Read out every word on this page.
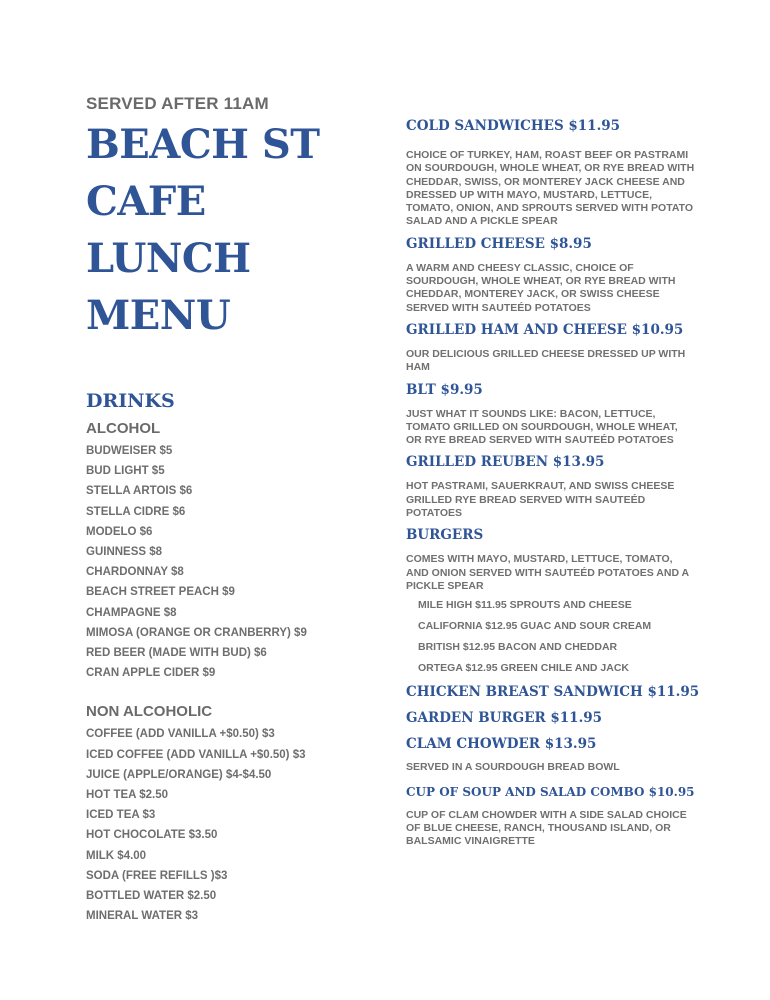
SERVED AFTER 11AM
BEACH ST
CAFE
LUNCH
MENU
DRINKS
ALCOHOL
BUDWEISER $5
BUD LIGHT $5
STELLA ARTOIS $6
STELLA CIDRE $6
MODELO $6
GUINNESS $8
CHARDONNAY $8
BEACH STREET PEACH $9
CHAMPAGNE $8
MIMOSA (ORANGE OR CRANBERRY) $9
RED BEER (MADE WITH BUD) $6
CRAN APPLE CIDER $9
NON ALCOHOLIC
COFFEE (ADD VANILLA +$0.50) $3
ICED COFFEE (ADD VANILLA +$0.50) $3
JUICE (APPLE/ORANGE) $4-$4.50
HOT TEA $2.50
ICED TEA $3
HOT CHOCOLATE $3.50
MILK $4.00
SODA (FREE REFILLS )$3
BOTTLED WATER $2.50
MINERAL WATER $3
COLD SANDWICHES $11.95
CHOICE OF TURKEY, HAM, ROAST BEEF OR PASTRAMI ON SOURDOUGH, WHOLE WHEAT, OR RYE BREAD WITH CHEDDAR, SWISS, OR MONTEREY JACK CHEESE AND DRESSED UP WITH MAYO, MUSTARD, LETTUCE, TOMATO, ONION, AND SPROUTS SERVED WITH POTATO SALAD AND A PICKLE SPEAR
GRILLED CHEESE $8.95
A WARM AND CHEESY CLASSIC, CHOICE OF SOURDOUGH, WHOLE WHEAT, OR RYE BREAD WITH CHEDDAR, MONTEREY JACK, OR SWISS CHEESE SERVED WITH SAUTEÉD POTATOES
GRILLED HAM AND CHEESE $10.95
OUR DELICIOUS GRILLED CHEESE DRESSED UP WITH HAM
BLT $9.95
JUST WHAT IT SOUNDS LIKE: BACON, LETTUCE, TOMATO GRILLED ON SOURDOUGH, WHOLE WHEAT, OR RYE BREAD SERVED WITH SAUTEÉD POTATOES
GRILLED REUBEN $13.95
HOT PASTRAMI, SAUERKRAUT, AND SWISS CHEESE GRILLED RYE BREAD SERVED WITH SAUTEÉD POTATOES
BURGERS
COMES WITH MAYO, MUSTARD, LETTUCE, TOMATO, AND ONION SERVED WITH SAUTEÉD POTATOES AND A PICKLE SPEAR
MILE HIGH $11.95 SPROUTS AND CHEESE
CALIFORNIA $12.95 GUAC AND SOUR CREAM
BRITISH $12.95 BACON AND CHEDDAR
ORTEGA $12.95 GREEN CHILE AND JACK
CHICKEN BREAST SANDWICH $11.95
GARDEN BURGER $11.95
CLAM CHOWDER $13.95
SERVED IN A SOURDOUGH BREAD BOWL
CUP OF SOUP AND SALAD COMBO $10.95
CUP OF CLAM CHOWDER WITH A SIDE SALAD CHOICE OF BLUE CHEESE, RANCH, THOUSAND ISLAND, OR BALSAMIC VINAIGRETTE
